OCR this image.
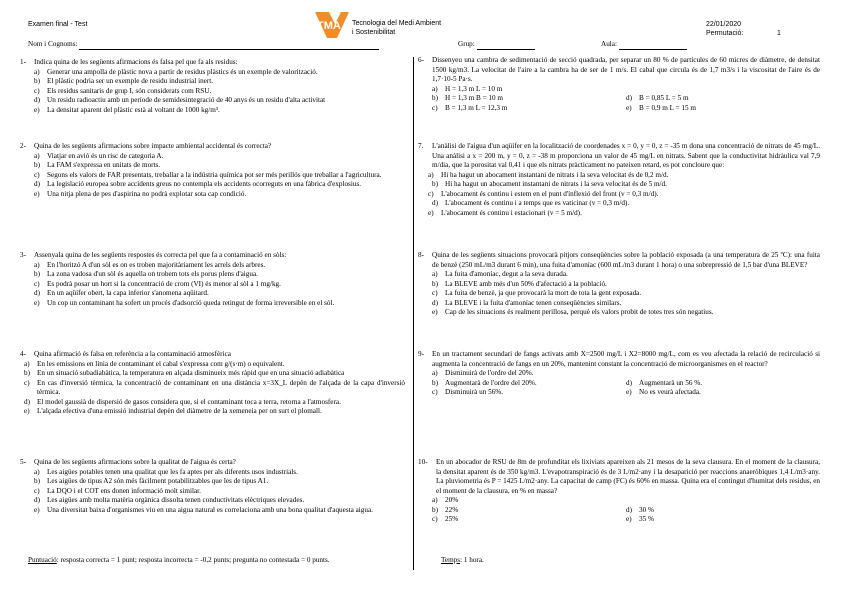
Examen final - Test	TMA Tecnologia del Medi Ambient
i Sostenibilitat
22/01/2020
Permutació:	1
Nom i Cognoms:	Grup:	Aula:
1-	Indica quina de les següents afirmacions és falsa pel que fa als residus:
a)	Generar una ampolla de plàstic nova a partir de residus plàstics és un exemple de valorització.
b) El plàstic podria ser un exemple de residu industrial inert.
c)	Els residus sanitaris de grup I, són considerats com RSU.
d) Un residu radioactiu amb un període de semidesintegració de 40 anys és un residu d'alta activitat
e)	La densitat aparent del plàstic està al voltant de 1000 kg/m³.
2-	Quina de les següents afirmacions sobre impacte ambiental accidental és correcta?
a)	Viatjar en avió és un risc de categoria A.
b) La FAM s'expressa en unitats de morts.
c)	Segons els valors de FAR presentats, treballar a la indústria química pot ser més perillós que treballar a l'agricultura.
d) La legislació europea sobre accidents greus no contempla els accidents ocorreguts en una fàbrica d'explosius.
e)	Una nitja plena de pes d'aspirina no podrà explotar sota cap condició.
3-	Assenyala quina de les següents respostes és correcta pel que fa a contaminació en sòls:
a)	En l'horitzó A d'un sòl es on es troben majoritàriament les arrels dels arbres.
b) La zona vadosa d'un sòl és aquella on trobem tots els porus plens d'aigua.
c)	Es podrà posar un hort si la concentració de crom (VI) és menor al sòl a 1 mg/kg.
d) En un aqüífer obert, la capa inferior s'anomena aqüitard.
e)	Un cop un contaminant ha sofert un procés d'adsorció queda retingut de forma irreversible en el sòl.
4-	Quina afirmació és falsa en referència a la contaminació atmosfèrica
a)	En les emissions en línia de contaminant el cabal s'expressa com g/(s·m) o equivalent.
b) En un situació subadiabàtica, la temperatura en alçada disminueix més ràpid que en una situació adiabàtica
c)	En cas d'inversió tèrmica, la concentració de contaminant en una distància x=3X_L depèn de l'alçada de la capa d'inversió tèrmica.
d) El model gaussià de dispersió de gasos considera que, si el contaminant toca a terra, retorna a l'atmosfera.
e)	L'alçada efectiva d'una emissió industrial depèn del diàmetre de la xemeneia per on surt el plomall.
5-	Quina de les següents afirmacions sobre la qualitat de l'aigua és certa?
a)	Les aigües potables tenen una qualitat que les fa aptes per als diferents usos industrials.
b) Les aigües de tipus A2 són més fàcilment potabilitzables que les de tipus A1.
c)	La DQO i el COT ens donen informació molt similar.
d) Les aigües amb molta matèria orgànica dissolta tenen conductivitats elèctriques elevades.
e)	Una diversitat baixa d'organismes viu en una aigua natural es correlaciona amb una bona qualitat d'aquesta aigua.
6-	Dissenyeu una cambra de sedimentació de secció quadrada, per separar un 80 % de partícules de 60 micres de diàmetre, de densitat 1500 kg/m3. La velocitat de l'aire a la cambra ha de ser de 1 m/s. El cabal que circula és de 1,7 m3/s i la viscositat de l'aire és de 1,7·10-5 Pa·s.
a)	H = 1,3 m L = 10 m
b) H = 1,3 m B = 10 m	d) B = 0,85 L = 5 m
c)	B = 1,3 m L = 12,3 m	e)	B = 0,9 m L = 15 m
7.	L'anàlisi de l'aigua d'un aqüífer en la localització de coordenades x = 0, y = 0, z = -35 m dona una concentració de nitrats de 45 mg/L. Una anàlisi a x = 200 m, y = 0, z = -38 m proporciona un valor de 45 mg/L en nitrats. Sabent que la conductivitat hidràulica val 7,9 m/dia, que la porositat val 0,41 i que els nitrats pràcticament no pateixen retard, es pot concloure que:
a)	Hi ha hagut un abocament instantani de nitrats i la seva velocitat és de 0,2 m/d.
b) Hi ha hagut un abocament instantani de nitrats i la seva velocitat és de 5 m/d.
c)	L'abocament és continu i estem en el punt d'inflexió del front (v = 0,3 m/d).
d) L'abocament és continu i a temps que es vaticinar (v = 0,3 m/d).
e)	L'abocament és continu i estacionari (v = 5 m/d).
8-	Quina de les següents situacions provocarà pitjors conseqüències sobre la població exposada (a una temperatura de 25 ºC): una fuita de benzè (250 mL/m3 durant 6 min), una fuita d'amoníac (600 mL/m3 durant 1 hora) o una sobrepressió de 1,5 bar d'una BLEVE?
a)	La fuita d'amoníac, degut a la seva durada.
b) La BLEVE amb més d'un 50% d'afectació a la població.
c)	La fuita de benzè, ja que provocarà la mort de tota la gent exposada.
d) La BLEVE i la fuita d'amoníac tenen conseqüències similars.
e)	Cap de les situacions és realment perillosa, perquè els valors probit de totes tres són negatius.
9-	En un tractament secundari de fangs activats amb X=2500 mg/L i X2=8000 mg/L, com es veu afectada la relació de recirculació si augmenta la concentració de fangs en un 20%, mantenint constant la concentració de microorganismes en el reactor?
a)	Disminuirà de l'ordre del 20%.
b) Augmentarà de l'ordre del 20%.	d) Augmentarà un 56 %.
c)	Disminuirà un 56%.	e)	No es veurà afectada.
10-	En un abocador de RSU de 8m de profunditat els lixiviats apareixen als 21 mesos de la seva clausura. En el moment de la clausura, la densitat aparent és de 350 kg/m3. L'evapotranspiració és de 3 L/m2·any i la desaparició per reaccions anaeròbiques 1,4 L/m3·any. La pluviometria és P = 1425 L/m2·any. La capacitat de camp (FC) és 60% en massa. Quina era el contingut d'humitat dels residus, en el moment de la clausura, en % en massa?
a)	20%
b) 22%	d) 30 %
c)	25%	e)	35 %
Puntuació: resposta correcta = 1 punt; resposta incorrecta = -0,2 punts; pregunta no contestada = 0 punts.	Temps: 1 hora.
